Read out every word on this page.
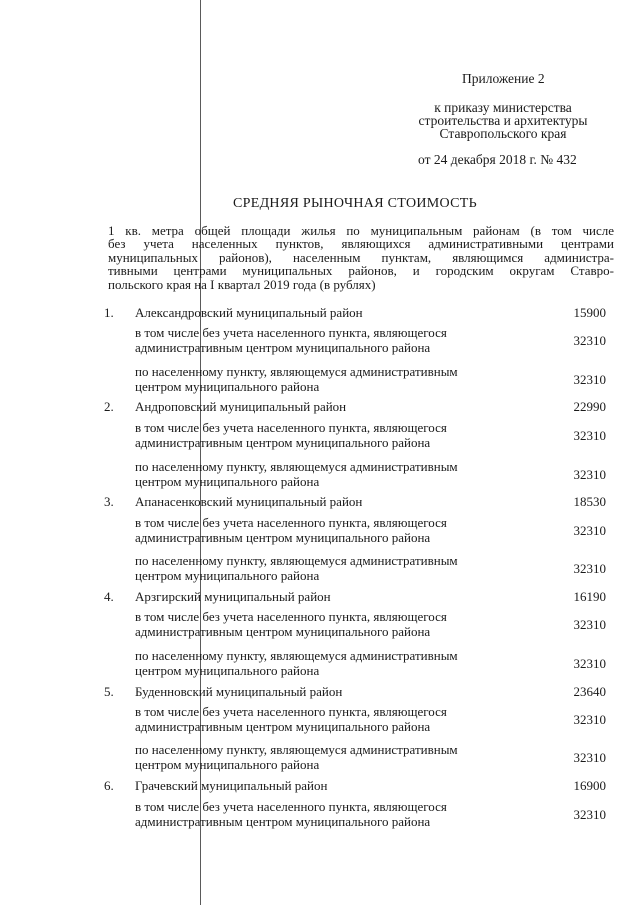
Приложение 2
к приказу министерства
строительства и архитектуры
Ставропольского края
от 24 декабря 2018 г. № 432
СРЕДНЯЯ РЫНОЧНАЯ СТОИМОСТЬ
1 кв. метра общей площади жилья по муниципальным районам (в том числе
без учета населенных пунктов, являющихся административными центрами
муниципальных районов), населенным пунктам, являющимся администра-
тивными центрами муниципальных районов, и городским округам Ставро-
польского края на I квартал 2019 года (в рублях)
1. Александровский муниципальный район	15900
в том числе без учета населенного пункта, являющегося
административным центром муниципального района	32310
по населенному пункту, являющемуся административным
центром муниципального района	32310
2. Андроповский муниципальный район	22990
в том числе без учета населенного пункта, являющегося
административным центром муниципального района	32310
по населенному пункту, являющемуся административным
центром муниципального района	32310
3. Апанасенковский муниципальный район	18530
в том числе без учета населенного пункта, являющегося
административным центром муниципального района	32310
по населенному пункту, являющемуся административным
центром муниципального района	32310
4. Арзгирский муниципальный район	16190
в том числе без учета населенного пункта, являющегося
административным центром муниципального района	32310
по населенному пункту, являющемуся административным
центром муниципального района	32310
5. Буденновский муниципальный район	23640
в том числе без учета населенного пункта, являющегося
административным центром муниципального района	32310
по населенному пункту, являющемуся административным
центром муниципального района	32310
6. Грачевский муниципальный район	16900
в том числе без учета населенного пункта, являющегося
административным центром муниципального района	32310
